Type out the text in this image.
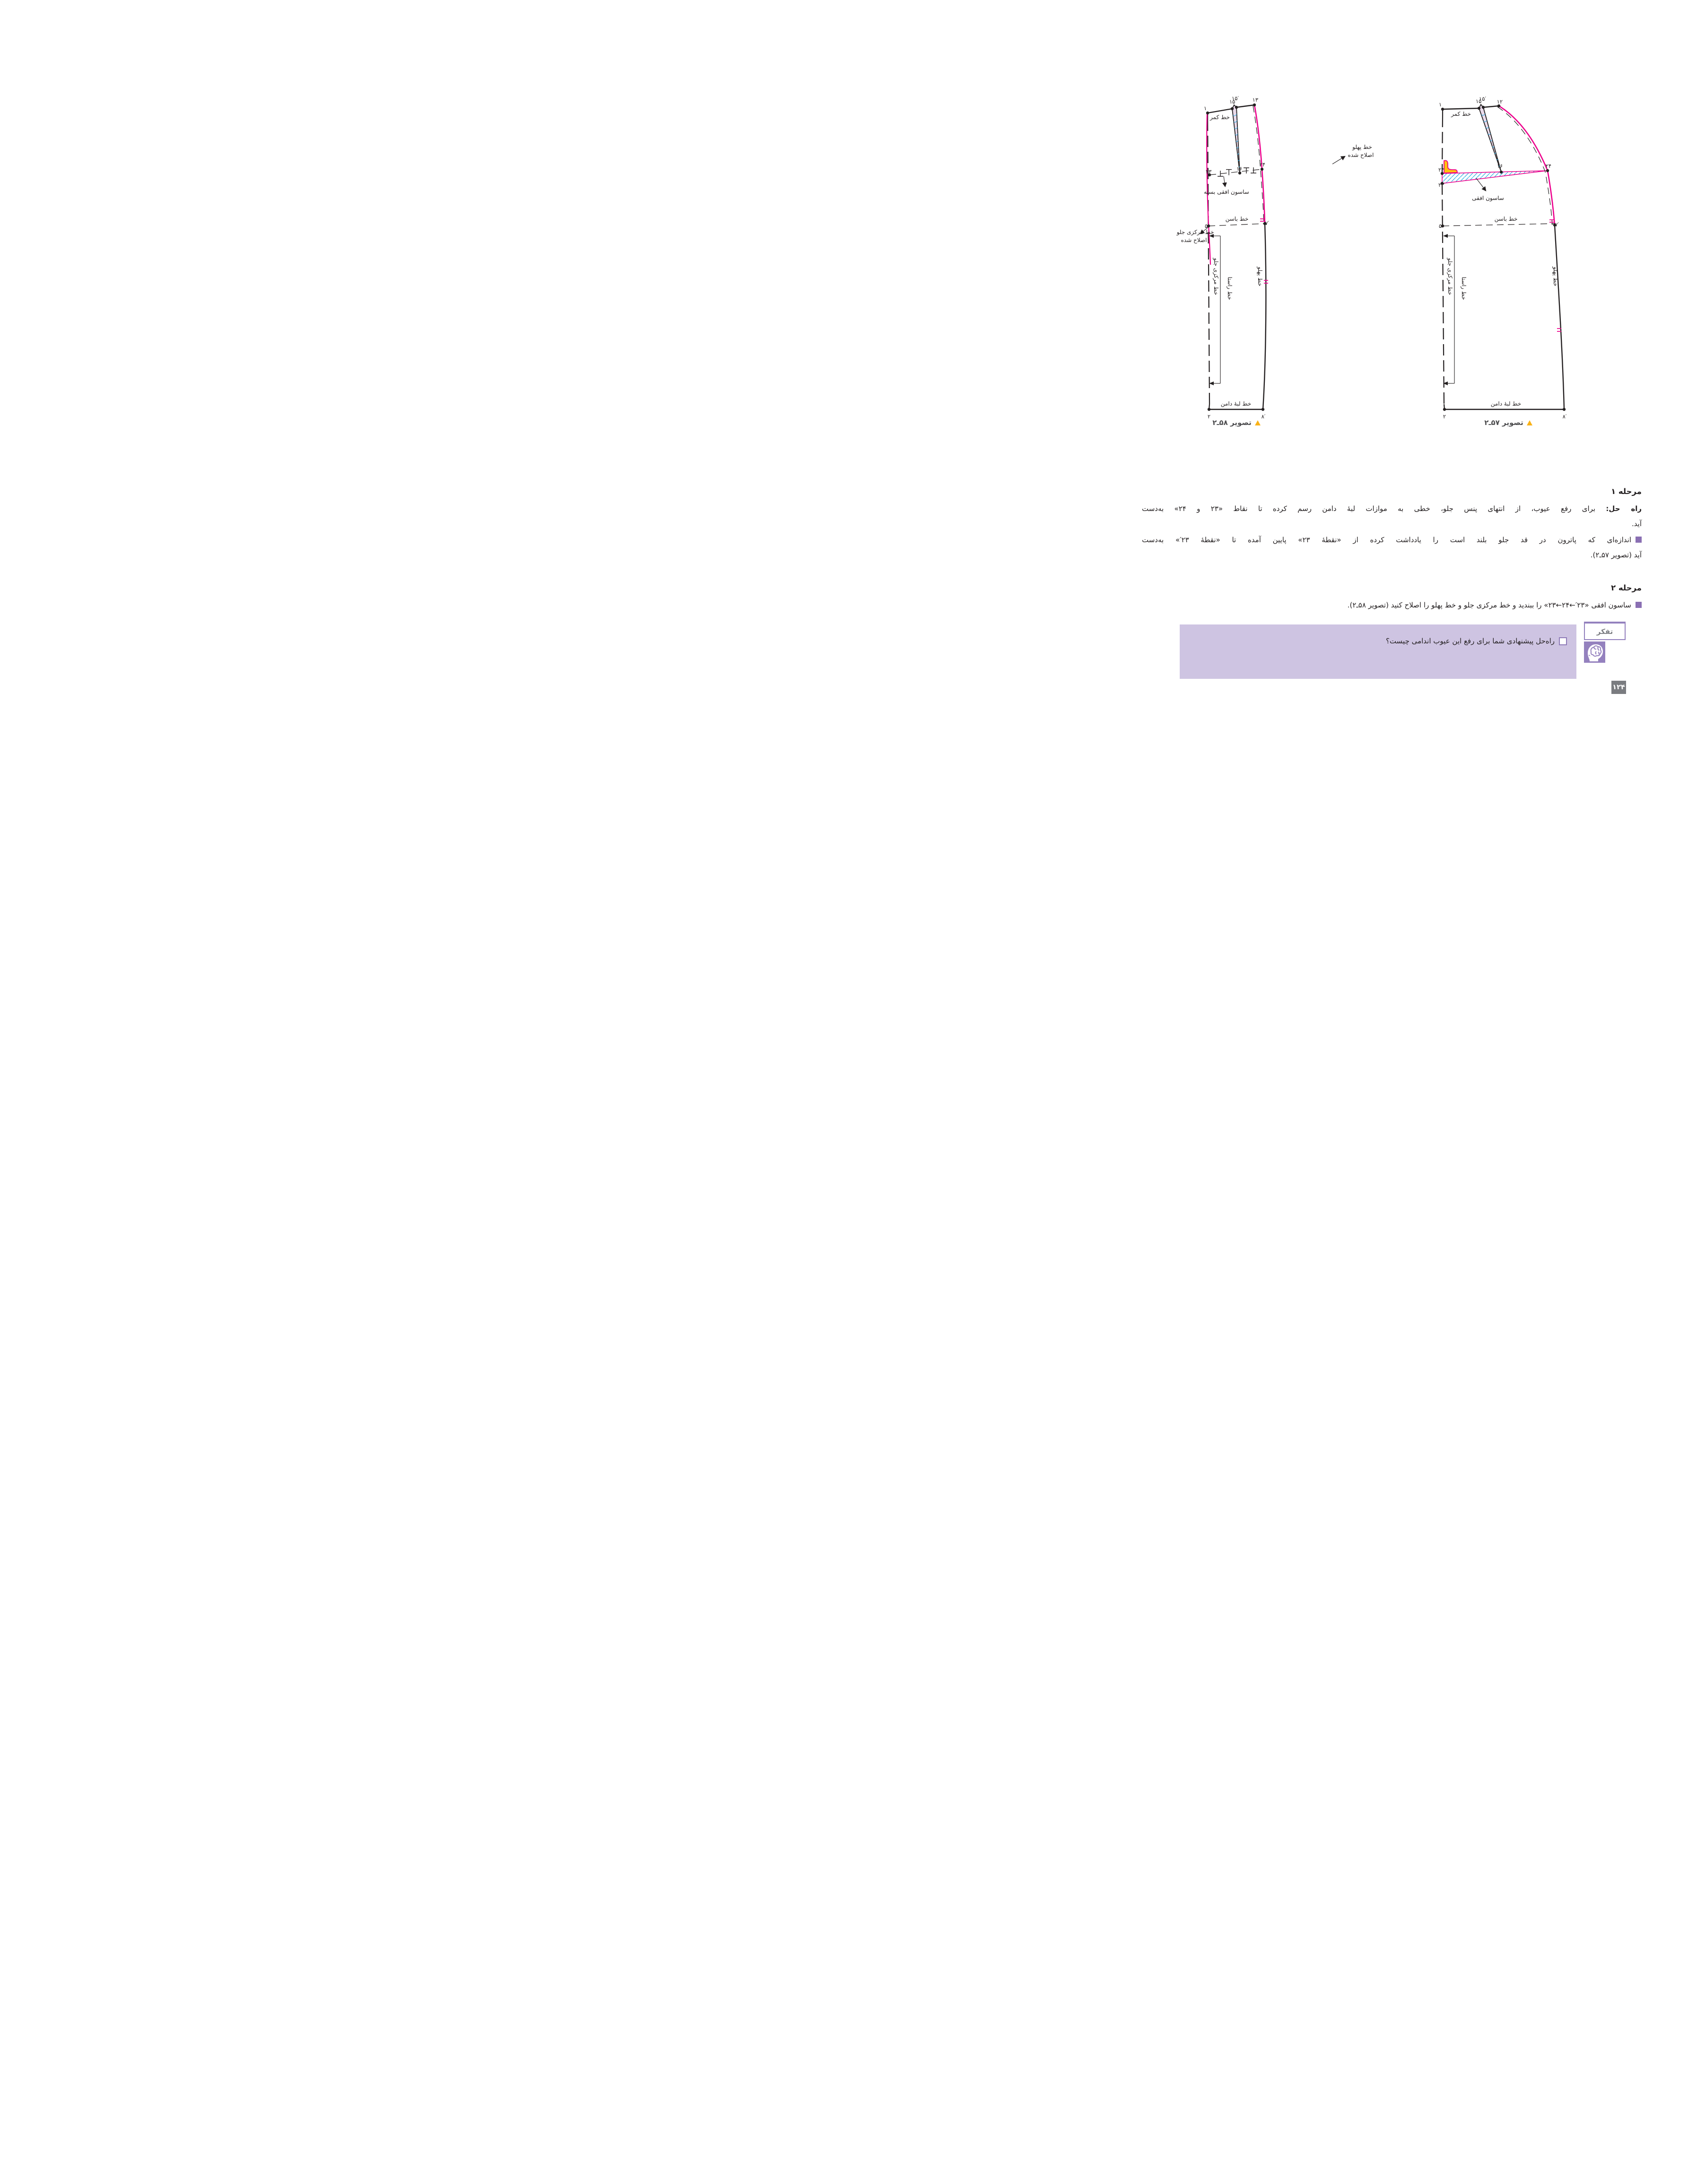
۱
۱۵
۱۵′ ۱۳
۱۶
۲۳
۲۴
۵	۷′
۲	۸′
خط کمر
خط باسن
خط لبۀ دامن
ساسون افقی بسته
خط پهلو
اصلاح شده
خط مرکزی جلو
اصلاح شده
خط مرکزی جلو خط راستا
خط پهلو
۱	۱۵
۱۵′ ۱۲
۱۶
۲۳
۲۳′
۲۴
۵	۷′
۲	۸′
خط کمر
خط باسن
خط لبۀ دامن
ساسون افقی
خط مرکزی جلو خط راستا
خط پهلو
تصویر ۵۸ـ۲	تصویر ۵۷ـ۲
مرحله ۱
راه حل: برای رفع عیوب، از انتهای پنس جلو، خطی به موازات لبۀ دامن رسم کرده تا نقاط «۲۳ و ۲۴» به‌دست
آید.
اندازه‌ای که پاترون در قد جلو بلند است را یادداشت کرده از «نقطۀ ۲۳» پایین آمده تا «نقطۀ ۲۳′» به‌دست
آید (تصویر ۵۷ـ۲).
مرحله ۲
ساسون افقی «۲۳′←۲۴←۲۳» را ببندید و خط مرکزی جلو و خط پهلو را اصلاح کنید (تصویر ۵۸ـ۲).
راه‌حل پیشنهادی شما برای رفع این عیوب اندامی چیست؟
تفکر
۱۲۴
